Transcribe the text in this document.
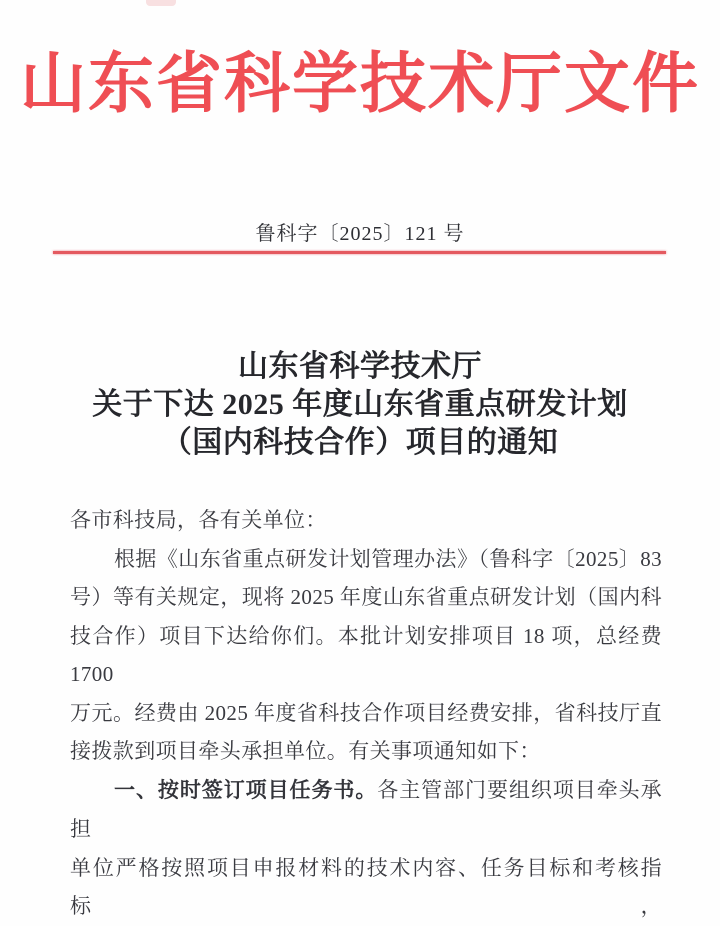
山东省科学技术厅文件
鲁科字〔2025〕121 号
山东省科学技术厅
关于下达 2025 年度山东省重点研发计划
（国内科技合作）项目的通知
各市科技局，各有关单位：
根据《山东省重点研发计划管理办法》（鲁科字〔2025〕83
号）等有关规定，现将 2025 年度山东省重点研发计划（国内科
技合作）项目下达给你们。本批计划安排项目 18 项，总经费 1700
万元。经费由 2025 年度省科技合作项目经费安排，省科技厅直
接拨款到项目牵头承担单位。有关事项通知如下：
一、按时签订项目任务书。各主管部门要组织项目牵头承担
单位严格按照项目申报材料的技术内容、任务目标和考核指标，
